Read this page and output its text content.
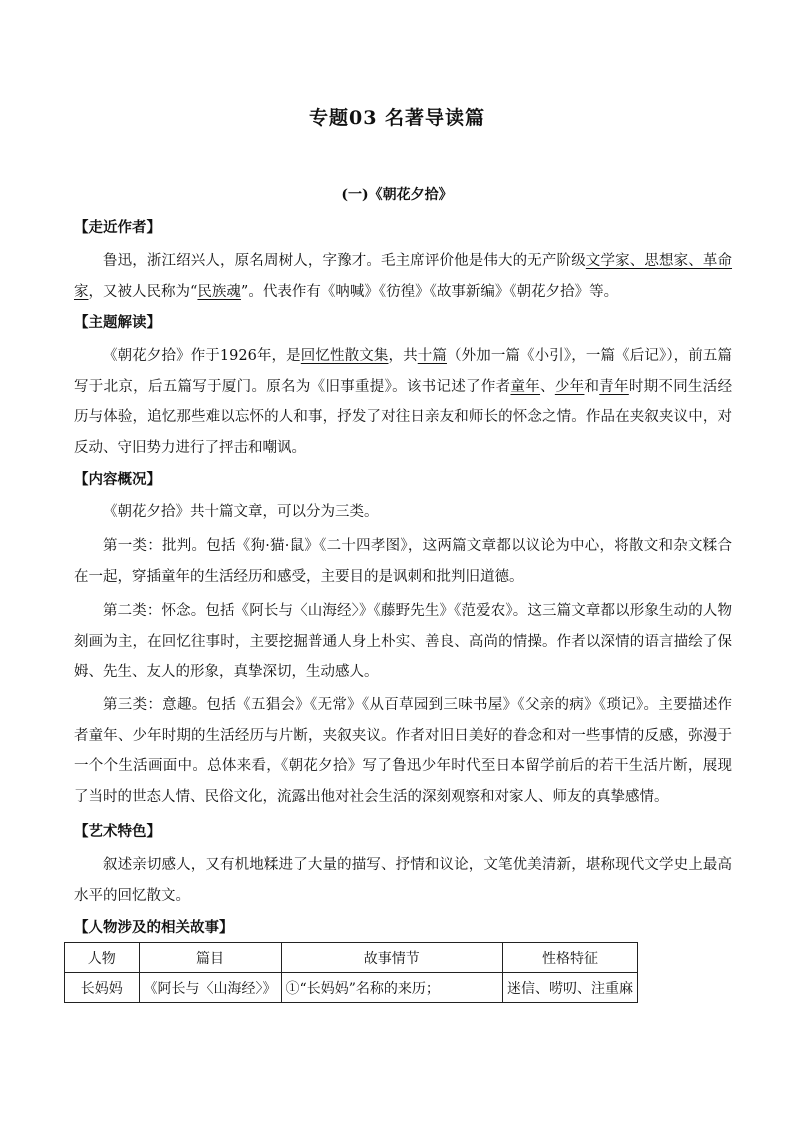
专题03 名著导读篇
(一)《朝花夕拾》
【走近作者】

鲁迅，浙江绍兴人，原名周树人，字豫才。毛主席评价他是伟大的无产阶级文学家、思想家、革命家，又被人民称为“民族魂”。代表作有《呐喊》《彷徨》《故事新编》《朝花夕拾》等。

【主题解读】

《朝花夕拾》作于1926年，是回忆性散文集，共十篇（外加一篇《小引》，一篇《后记》），前五篇写于北京，后五篇写于厦门。原名为《旧事重提》。该书记述了作者童年、少年和青年时期不同生活经历与体验，追忆那些难以忘怀的人和事，抒发了对往日亲友和师长的怀念之情。作品在夹叙夹议中，对反动、守旧势力进行了抨击和嘲讽。

【内容概况】

《朝花夕拾》共十篇文章，可以分为三类。

第一类：批判。包括《狗·猫·鼠》《二十四孝图》，这两篇文章都以议论为中心，将散文和杂文糅合在一起，穿插童年的生活经历和感受，主要目的是讽刺和批判旧道德。

第二类：怀念。包括《阿长与〈山海经〉》《藤野先生》《范爱农》。这三篇文章都以形象生动的人物刻画为主，在回忆往事时，主要挖掘普通人身上朴实、善良、高尚的情操。作者以深情的语言描绘了保姆、先生、友人的形象，真挚深切，生动感人。

第三类：意趣。包括《五猖会》《无常》《从百草园到三味书屋》《父亲的病》《琐记》。主要描述作者童年、少年时期的生活经历与片断，夹叙夹议。作者对旧日美好的眷念和对一些事情的反感，弥漫于一个个生活画面中。总体来看，《朝花夕拾》写了鲁迅少年时代至日本留学前后的若干生活片断，展现了当时的世态人情、民俗文化，流露出他对社会生活的深刻观察和对家人、师友的真挚感情。

【艺术特色】

叙述亲切感人，又有机地糅进了大量的描写、抒情和议论，文笔优美清新，堪称现代文学史上最高水平的回忆散文。

【人物涉及的相关故事】
人物	篇目	故事情节	性格特征
长妈妈	《阿长与〈山海经〉》	①“长妈妈”名称的来历；	迷信、唠叨、注重麻
